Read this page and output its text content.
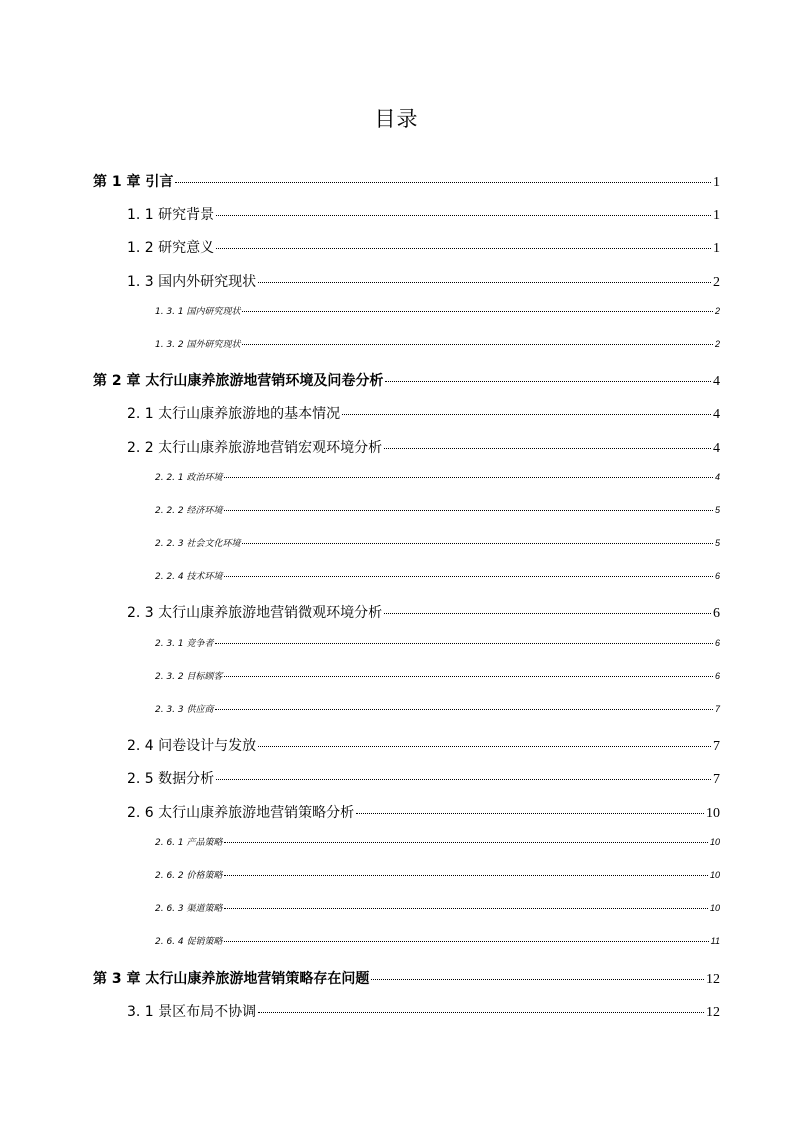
目录
第 1 章 引言	1
1. 1 研究背景	1
1. 2 研究意义	1
1. 3 国内外研究现状	2
1. 3. 1 国内研究现状	2
1. 3. 2 国外研究现状	2
第 2 章 太行山康养旅游地营销环境及问卷分析	4
2. 1 太行山康养旅游地的基本情况	4
2. 2 太行山康养旅游地营销宏观环境分析	4
2. 2. 1 政治环境	4
2. 2. 2 经济环境	5
2. 2. 3 社会文化环境	5
2. 2. 4 技术环境	6
2. 3 太行山康养旅游地营销微观环境分析	6
2. 3. 1 竞争者	6
2. 3. 2 目标顾客	6
2. 3. 3 供应商	7
2. 4 问卷设计与发放	7
2. 5 数据分析	7
2. 6 太行山康养旅游地营销策略分析	10
2. 6. 1 产品策略	10
2. 6. 2 价格策略	10
2. 6. 3 渠道策略	10
2. 6. 4 促销策略	11
第 3 章 太行山康养旅游地营销策略存在问题	12
3. 1 景区布局不协调	12
